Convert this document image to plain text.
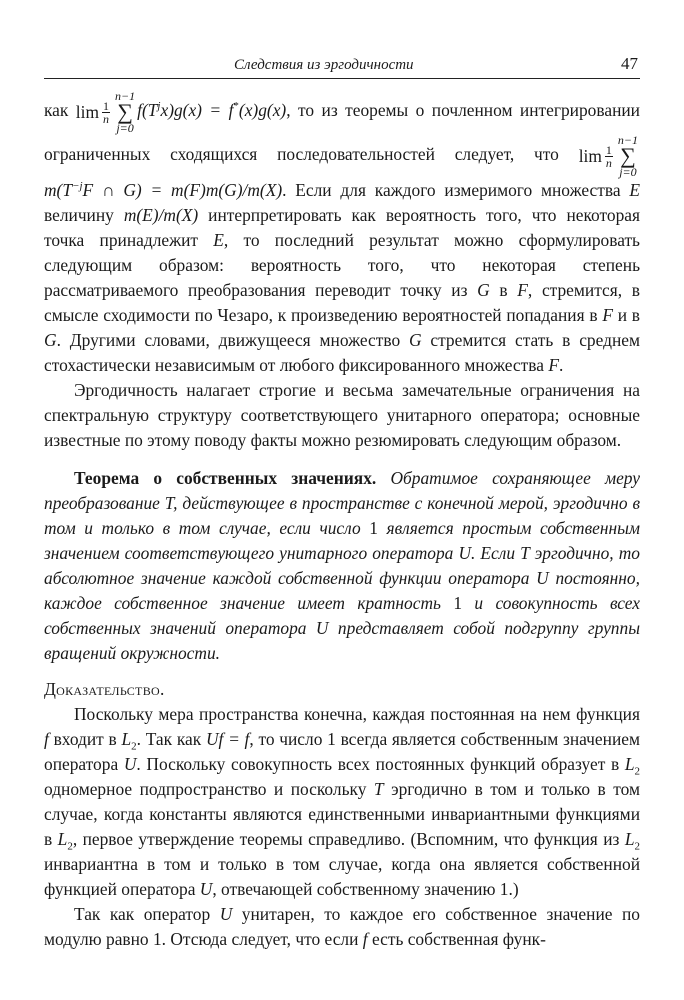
Следствия из эргодичности	47

как $\lim \frac{1}{n}$
n−1
∑
j=0
$f(T^jx)g(x) = f^*(x)g(x)$, то из теоремы о почленном интегрировании ограниченных сходящихся последовательностей следует, что $\lim \frac{1}{n}$
n−1
∑
j=0
$m(T^{-j}F$ ∩ G) = m(F)m(G)/m(X). Если для каждого измеримого множества E величину m(E)/m(X) интерпретировать как вероятность того, что некоторая точка принадлежит E, то последний результат можно сформулировать следующим образом: вероятность того, что некоторая степень рассматриваемого преобразования переводит точку из G в F, стремится, в смысле сходимости по Чезаро, к произведению вероятностей попадания в F и в G. Другими словами, движущееся множество G стремится стать в среднем стохастически независимым от любого фиксированного множества F.

Эргодичность налагает строгие и весьма замечательные ограничения на спектральную структуру соответствующего унитарного оператора; основные известные по этому поводу факты можно резюмировать следующим образом.

Теорема о собственных значениях. Обратимое сохраняющее меру преобразование T, действующее в пространстве с конечной мерой, эргодично в том и только в том случае, если число 1 является простым собственным значением соответствующего унитарного оператора U. Если T эргодично, то абсолютное значение каждой собственной функции оператора U постоянно, каждое собственное значение имеет кратность 1 и совокупность всех собственных значений оператора U представляет собой подгруппу группы вращений окружности.

Доказательство.

Поскольку мера пространства конечна, каждая постоянная на нем функция f входит в $L_2$. Так как Uf = f, то число 1 всегда является собственным значением оператора U. Поскольку совокупность всех постоянных функций образует в $L_2$ одномерное подпространство и поскольку T эргодично в том и только в том случае, когда константы являются единственными инвариантными функциями в $L_2$, первое утверждение теоремы справедливо. (Вспомним, что функция из $L_2$ инвариантна в том и только в том случае, когда она является собственной функцией оператора U, отвечающей собственному значению 1.)

Так как оператор U унитарен, то каждое его собственное значение по модулю равно 1. Отсюда следует, что если f есть собственная функ-
